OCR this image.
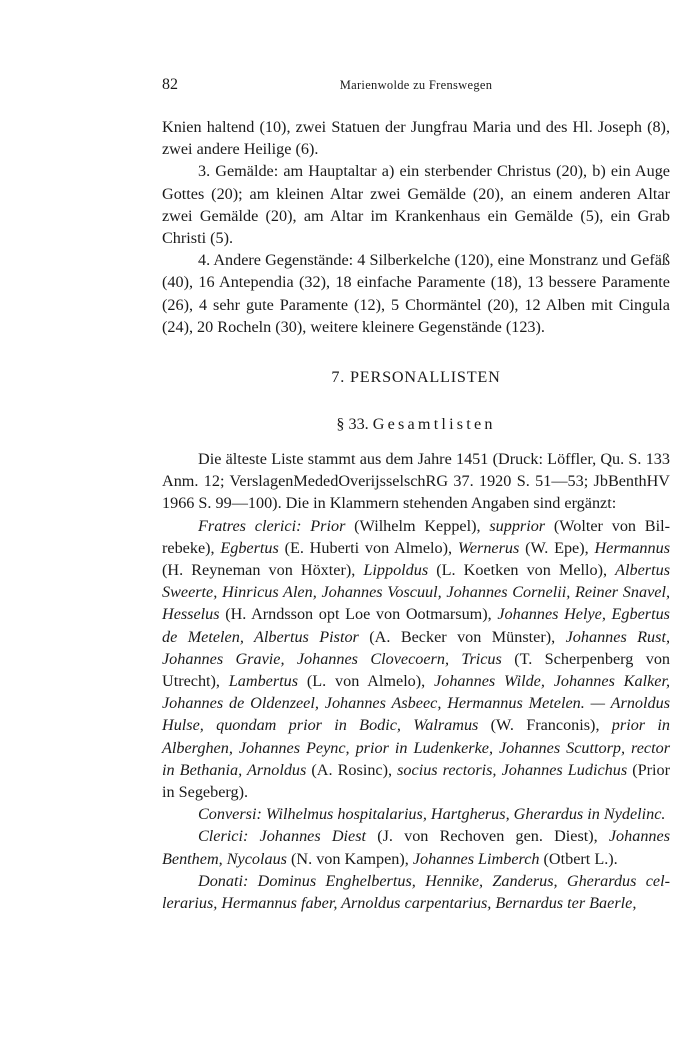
82	Marienwolde zu Frenswegen

Knien haltend (10), zwei Statuen der Jungfrau Maria und des Hl. Joseph (8), zwei andere Heilige (6).

3. Gemälde: am Hauptaltar a) ein sterbender Christus (20), b) ein Auge Gottes (20); am kleinen Altar zwei Gemälde (20), an einem anderen Altar zwei Gemälde (20), am Altar im Krankenhaus ein Gemälde (5), ein Grab Christi (5).

4. Andere Gegenstände: 4 Silberkelche (120), eine Monstranz und Gefäß (40), 16 Antependia (32), 18 einfache Paramente (18), 13 bessere Paramente (26), 4 sehr gute Paramente (12), 5 Chormäntel (20), 12 Alben mit Cingula (24), 20 Rocheln (30), weitere kleinere Gegenstände (123).

7. PERSONALLISTEN
§ 33. Gesamtlisten

Die älteste Liste stammt aus dem Jahre 1451 (Druck: Löffler, Qu. S. 133 Anm. 12; VerslagenMededOverijsselschRG 37. 1920 S. 51—53; JbBenthHV 1966 S. 99—100). Die in Klammern stehenden Angaben sind ergänzt:

Fratres clerici: Prior (Wilhelm Keppel), supprior (Wolter von Bilrebeke), Egbertus (E. Huberti von Almelo), Wernerus (W. Epe), Hermannus (H. Reyneman von Höxter), Lippoldus (L. Koetken von Mello), Albertus Sweerte, Hinricus Alen, Johannes Voscuul, Johannes Cornelii, Reiner Snavel, Hesselus (H. Arndsson opt Loe von Ootmarsum), Johannes Helye, Egbertus de Metelen, Albertus Pistor (A. Becker von Münster), Johannes Rust, Johannes Gravie, Johannes Clovecoern, Tricus (T. Scherpenberg von Utrecht), Lambertus (L. von Almelo), Johannes Wilde, Johannes Kalker, Johannes de Oldenzeel, Johannes Asbeec, Hermannus Metelen. — Arnoldus Hulse, quondam prior in Bodic, Walramus (W. Franconis), prior in Alberghen, Johannes Peync, prior in Ludenkerke, Johannes Scuttorp, rector in Bethania, Arnoldus (A. Rosinc), socius rectoris, Johannes Ludichus (Prior in Segeberg).

Conversi: Wilhelmus hospitalarius, Hartgherus, Gherardus in Nydelinc.

Clerici: Johannes Diest (J. von Rechoven gen. Diest), Johannes Benthem, Nycolaus (N. von Kampen), Johannes Limberch (Otbert L.).

Donati: Dominus Enghelbertus, Hennike, Zanderus, Gherardus cellerarius, Hermannus faber, Arnoldus carpentarius, Bernardus ter Baerle,
